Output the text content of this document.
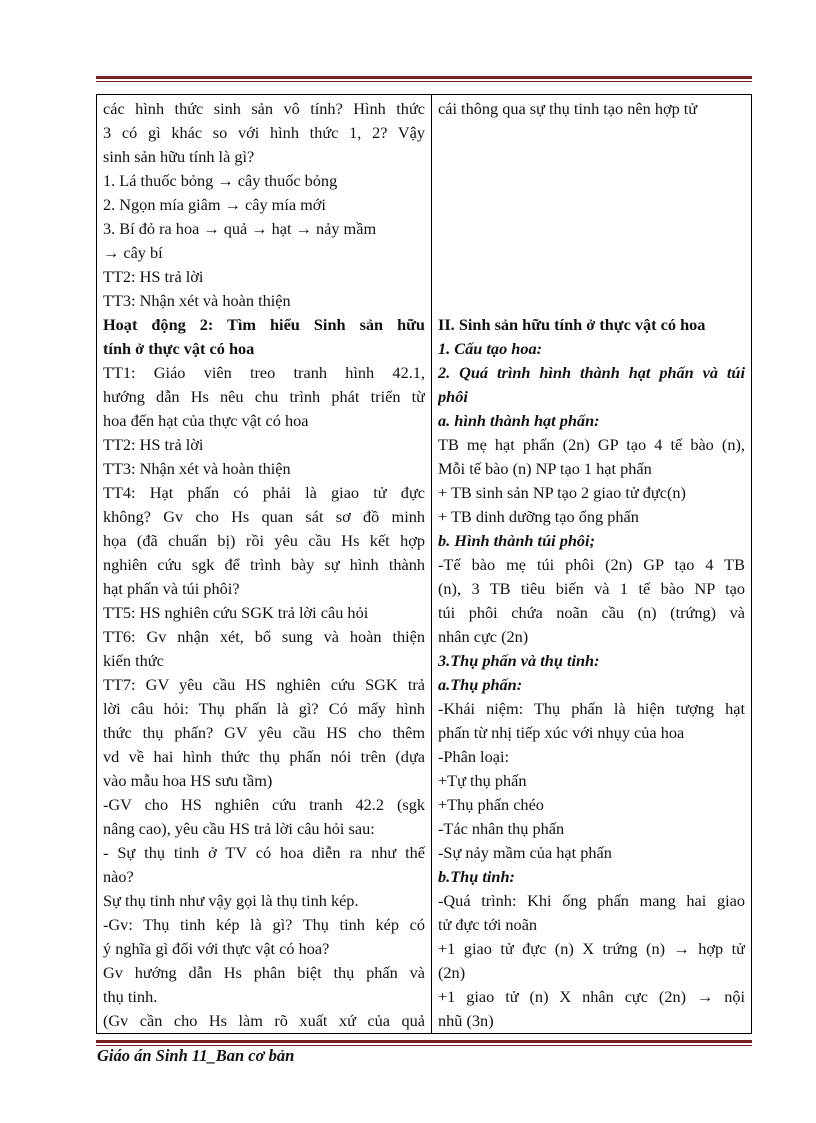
các hình thức sinh sản vô tính? Hình thức
3 có gì khác so với hình thức 1, 2? Vậy
sinh sản hữu tính là gì?
1. Lá thuốc bỏng → cây thuốc bỏng
2. Ngọn mía giâm → cây mía mới
3. Bí đỏ ra hoa → quả → hạt → nảy mầm
→ cây bí
TT2: HS trả lời
TT3: Nhận xét và hoàn thiện
Hoạt động 2: Tìm hiểu Sinh sản hữu
tính ở thực vật có hoa
TT1: Giáo viên treo tranh hình 42.1,
hướng dẫn Hs nêu chu trình phát triển từ
hoa đến hạt của thực vật có hoa
TT2: HS trả lời
TT3: Nhận xét và hoàn thiện
TT4: Hạt phấn có phải là giao tử đực
không? Gv cho Hs quan sát sơ đồ minh
họa (đã chuẩn bị) rồi yêu cầu Hs kết hợp
nghiên cứu sgk để trình bày sự hình thành
hạt phấn và túi phôi?
TT5: HS nghiên cứu SGK trả lời câu hỏi
TT6: Gv nhận xét, bổ sung và hoàn thiện
kiến thức
TT7: GV yêu cầu HS nghiên cứu SGK trả
lời câu hỏi: Thụ phấn là gì? Có mấy hình
thức thụ phấn? GV yêu cầu HS cho thêm
vd về hai hình thức thụ phấn nói trên (dựa
vào mẫu hoa HS sưu tầm)
-GV cho HS nghiên cứu tranh 42.2 (sgk
nâng cao), yêu cầu HS trả lời câu hỏi sau:
- Sự thụ tinh ở TV có hoa diễn ra như thế
nào?
Sự thụ tinh như vậy gọi là thụ tinh kép.
-Gv: Thụ tinh kép là gì? Thụ tinh kép có
ý nghĩa gì đối với thực vật có hoa?
Gv hướng dẫn Hs phân biệt thụ phấn và
thụ tinh.
(Gv cần cho Hs làm rõ xuất xứ của quả

cái thông qua sự thụ tinh tạo nên hợp tử
II. Sinh sản hữu tính ở thực vật có hoa
1. Cấu tạo hoa:
2. Quá trình hình thành hạt phấn và túi
phôi
a. hình thành hạt phấn:
TB mẹ hạt phấn (2n) GP tạo 4 tế bào (n),
Mỗi tế bào (n) NP tạo 1 hạt phấn
+ TB sinh sản NP tạo 2 giao tử đực(n)
+ TB dinh dưỡng tạo ống phấn
b. Hình thành túi phôi;
-Tế bào mẹ túi phôi (2n) GP tạo 4 TB
(n), 3 TB tiêu biến và 1 tế bào NP tạo
túi phôi chứa noãn cầu (n) (trứng) và
nhân cực (2n)
3.Thụ phấn và thụ tinh:
a.Thụ phấn:
-Khái niệm: Thụ phấn là hiện tượng hạt
phấn từ nhị tiếp xúc với nhụy của hoa
-Phân loại:
+Tự thụ phấn
+Thụ phấn chéo
-Tác nhân thụ phấn
-Sự nảy mầm của hạt phấn
b.Thụ tinh:
-Quá trình: Khi ống phấn mang hai giao
tử đực tới noãn
+1 giao tử đực (n) X trứng (n) → hợp tử
(2n)
+1 giao tử (n) X nhân cực (2n) → nội
nhũ (3n)
Giáo án Sinh 11_Ban cơ bản
